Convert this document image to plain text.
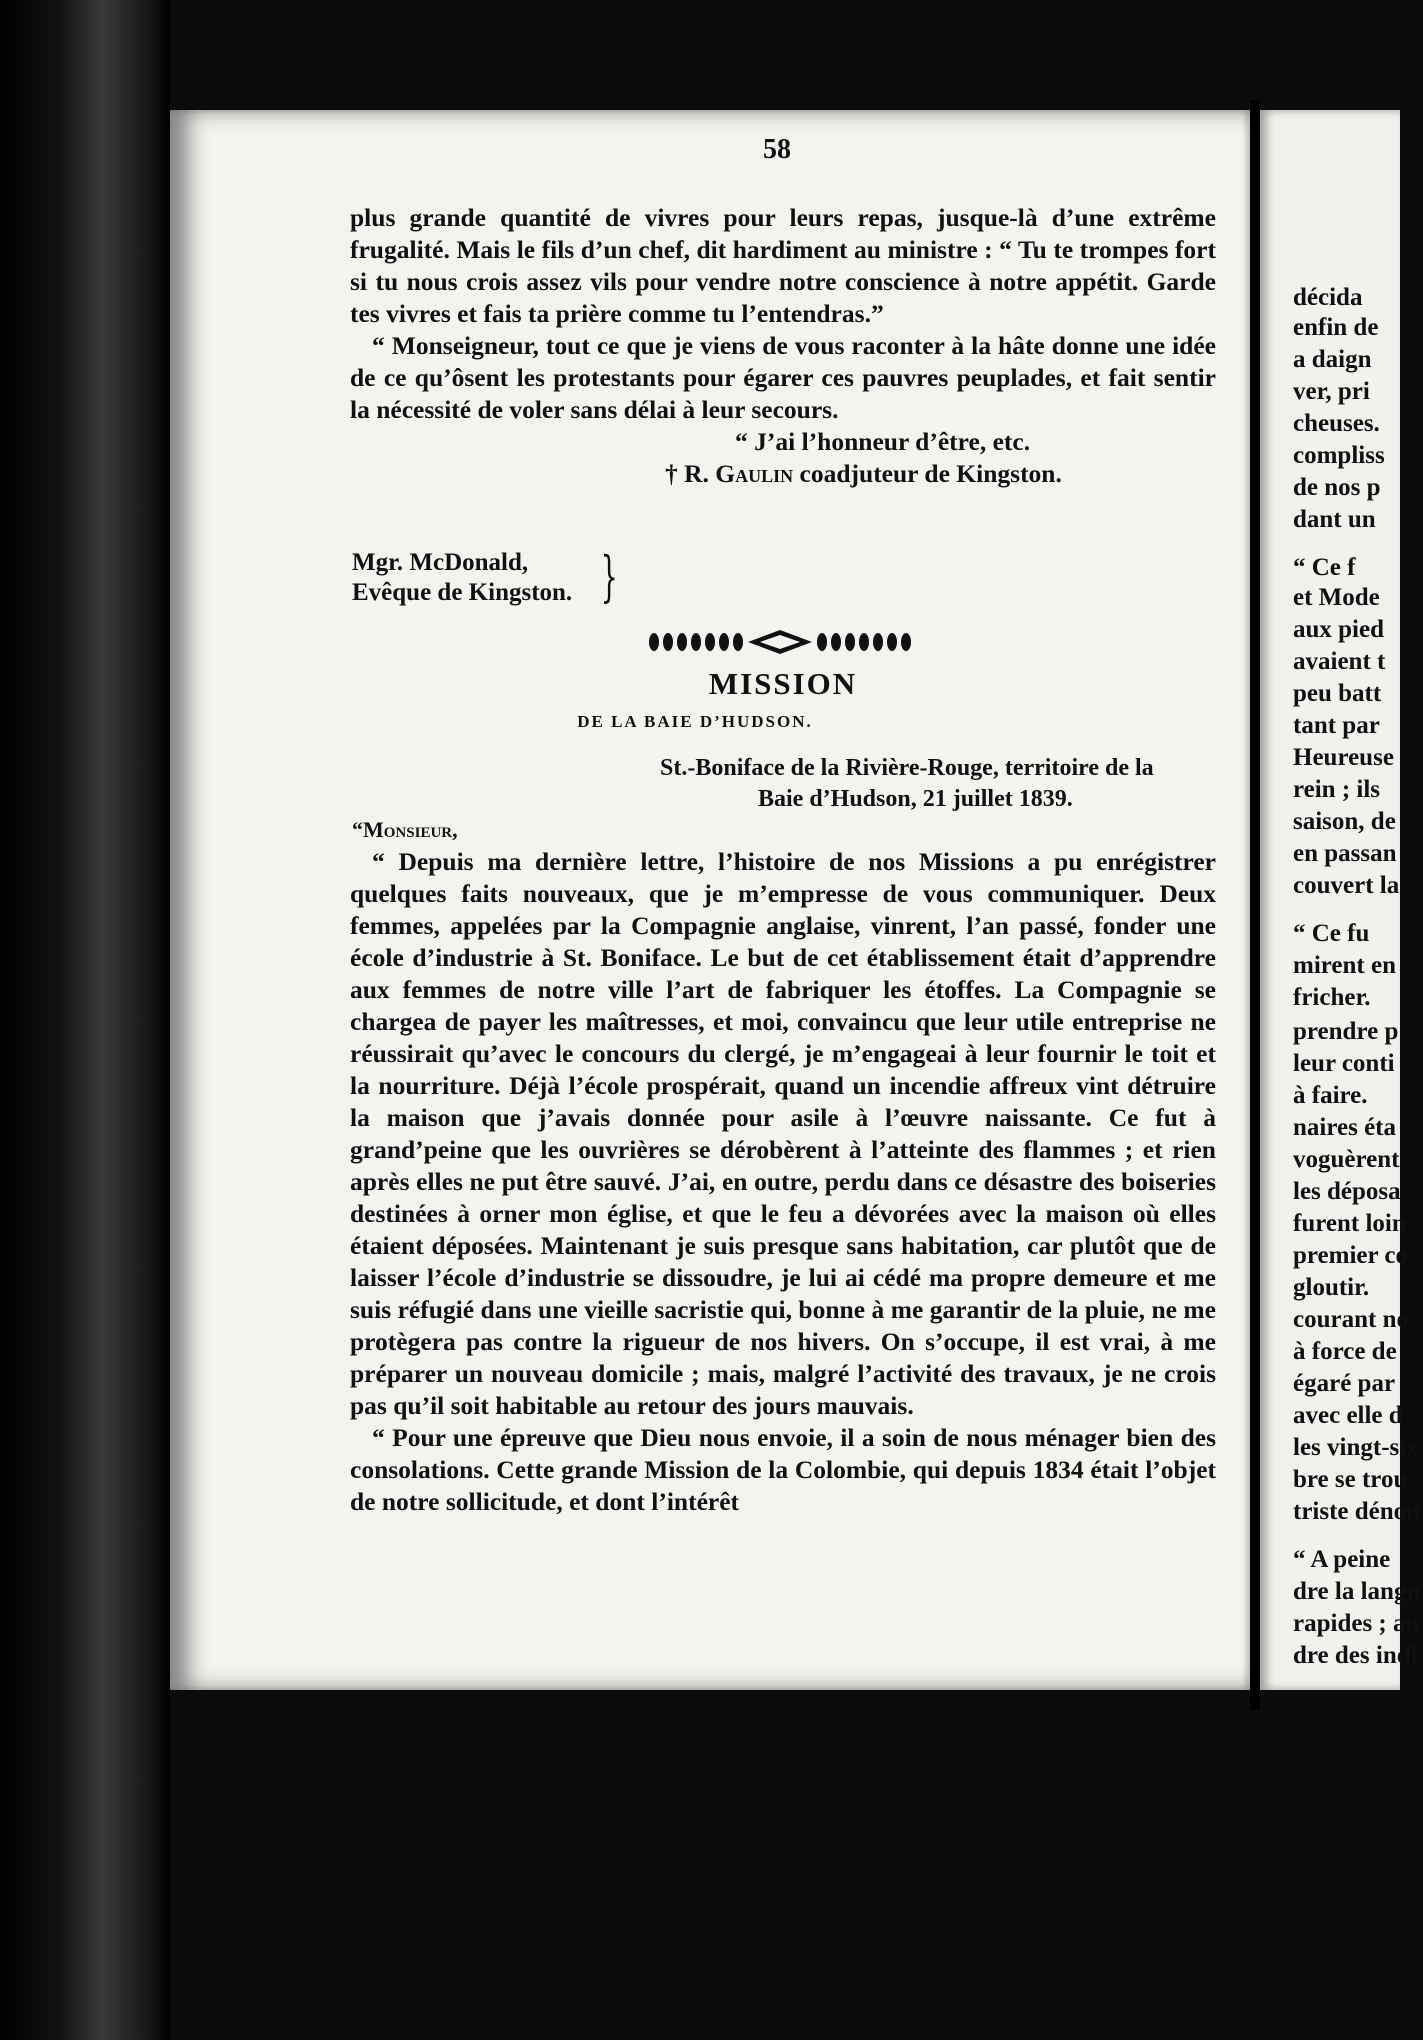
58

plus grande quantité de vivres pour leurs repas, jusque-là d’une extrême frugalité. Mais le fils d’un chef, dit hardiment au ministre : “ Tu te trompes fort si tu nous crois assez vils pour vendre notre conscience à notre appétit. Garde tes vivres et fais ta prière comme tu l’entendras.”

“ Monseigneur, tout ce que je viens de vous raconter à la hâte donne une idée de ce qu’ôsent les protestants pour égarer ces pauvres peuplades, et fait sentir la nécessité de voler sans délai à leur secours.

“ J’ai l’honneur d’être, etc.

† R. Gaulin coadjuteur de Kingston.

Mgr. McDonald,
Evêque de Kingston. }
MISSION
DE LA BAIE D’HUDSON.
St.-Boniface de la Rivière-Rouge, territoire de la
Baie d’Hudson, 21 juillet 1839.
“Monsieur,

“ Depuis ma dernière lettre, l’histoire de nos Missions a pu enrégistrer quelques faits nouveaux, que je m’empresse de vous communiquer. Deux femmes, appelées par la Compagnie anglaise, vinrent, l’an passé, fonder une école d’industrie à St. Boniface. Le but de cet établissement était d’apprendre aux femmes de notre ville l’art de fabriquer les étoffes. La Compagnie se chargea de payer les maîtresses, et moi, convaincu que leur utile entreprise ne réussirait qu’avec le concours du clergé, je m’engageai à leur fournir le toit et la nourriture. Déjà l’école prospérait, quand un incendie affreux vint détruire la maison que j’avais donnée pour asile à l’œuvre naissante. Ce fut à grand’peine que les ouvrières se dérobèrent à l’atteinte des flammes ; et rien après elles ne put être sauvé. J’ai, en outre, perdu dans ce désastre des boiseries destinées à orner mon église, et que le feu a dévorées avec la maison où elles étaient déposées. Maintenant je suis presque sans habitation, car plutôt que de laisser l’école d’industrie se dissoudre, je lui ai cédé ma propre demeure et me suis réfugié dans une vieille sacristie qui, bonne à me garantir de la pluie, ne me protègera pas contre la rigueur de nos hivers. On s’occupe, il est vrai, à me préparer un nouveau domicile ; mais, malgré l’activité des travaux, je ne crois pas qu’il soit habitable au retour des jours mauvais.

“ Pour une épreuve que Dieu nous envoie, il a soin de nous ménager bien des consolations. Cette grande Mission de la Colombie, qui depuis 1834 était l’objet de notre sollicitude, et dont l’intérêt

décida
enfin de
a daign
ver, pri
cheuses.
compliss
de nos p
dant un
“ Ce f
et Mode
aux pied
avaient t
peu batt
tant par
Heureuse
rein ; ils
saison, de
en passan
couvert la
“ Ce fu
mirent en
fricher.
prendre p
leur conti
à faire.
naires éta
voguèrent
les déposa
furent loin
premier co
gloutir.
courant no
à force de
égaré par
avec elle d
les vingt-six
bre se trou
triste dénou
“ A peine
dre la langu
rapides ; au
dre des indi
